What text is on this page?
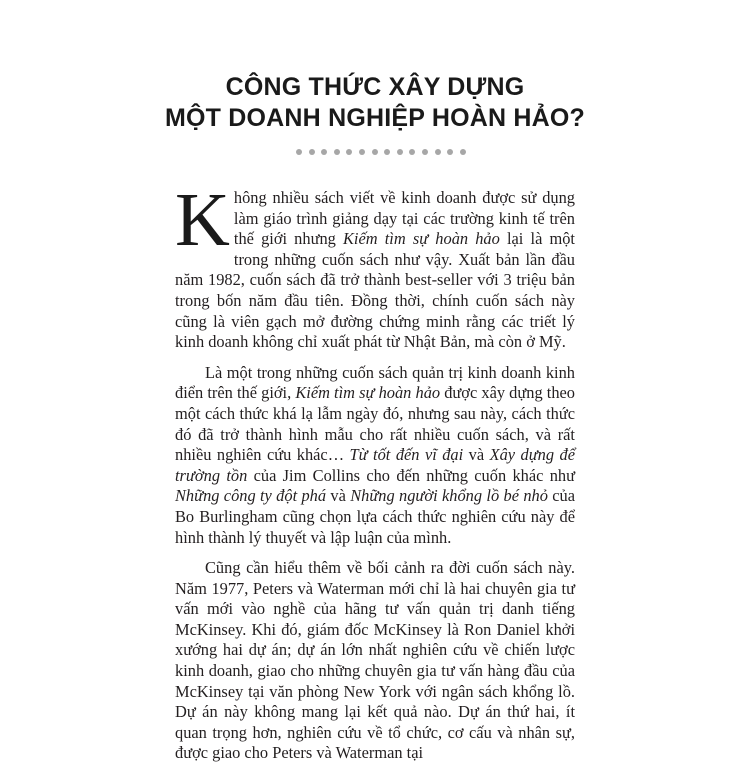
CÔNG THỨC XÂY DỰNG
MỘT DOANH NGHIỆP HOÀN HẢO?

Không nhiều sách viết về kinh doanh được sử dụng làm giáo trình giảng dạy tại các trường kinh tế trên thế giới nhưng Kiếm tìm sự hoàn hảo lại là một trong những cuốn sách như vậy. Xuất bản lần đầu năm 1982, cuốn sách đã trở thành best-seller với 3 triệu bản trong bốn năm đầu tiên. Đồng thời, chính cuốn sách này cũng là viên gạch mở đường chứng minh rằng các triết lý kinh doanh không chỉ xuất phát từ Nhật Bản, mà còn ở Mỹ.

Là một trong những cuốn sách quản trị kinh doanh kinh điển trên thế giới, Kiếm tìm sự hoàn hảo được xây dựng theo một cách thức khá lạ lẫm ngày đó, nhưng sau này, cách thức đó đã trở thành hình mẫu cho rất nhiều cuốn sách, và rất nhiều nghiên cứu khác… Từ tốt đến vĩ đại và Xây dựng để trường tồn của Jim Collins cho đến những cuốn khác như Những công ty đột phá và Những người khổng lồ bé nhỏ của Bo Burlingham cũng chọn lựa cách thức nghiên cứu này để hình thành lý thuyết và lập luận của mình.

Cũng cần hiểu thêm về bối cảnh ra đời cuốn sách này. Năm 1977, Peters và Waterman mới chỉ là hai chuyên gia tư vấn mới vào nghề của hãng tư vấn quản trị danh tiếng McKinsey. Khi đó, giám đốc McKinsey là Ron Daniel khởi xướng hai dự án; dự án lớn nhất nghiên cứu về chiến lược kinh doanh, giao cho những chuyên gia tư vấn hàng đầu của McKinsey tại văn phòng New York với ngân sách khổng lồ. Dự án này không mang lại kết quả nào. Dự án thứ hai, ít quan trọng hơn, nghiên cứu về tổ chức, cơ cấu và nhân sự, được giao cho Peters và Waterman tại
